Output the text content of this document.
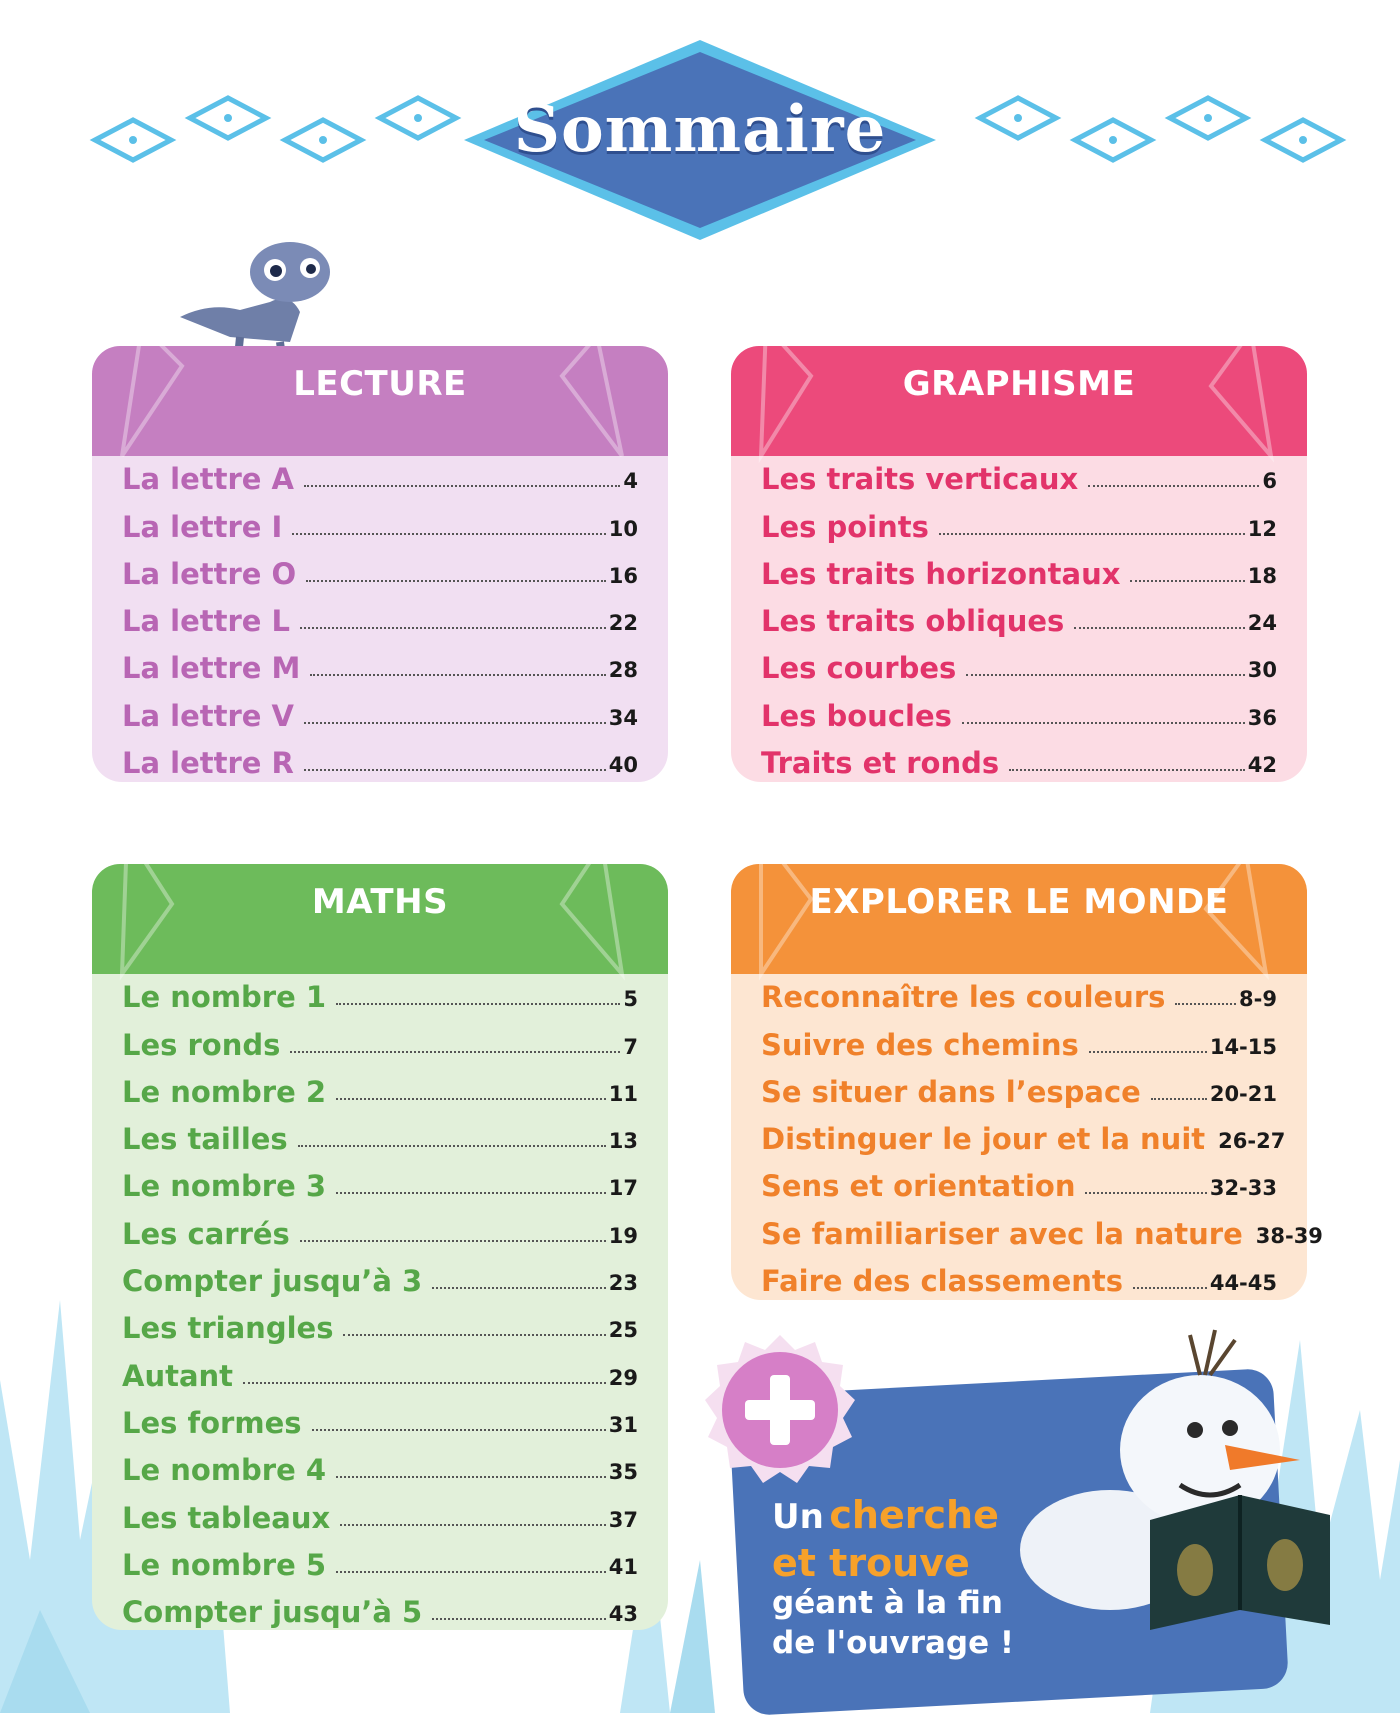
Sommaire
LECTURE
La lettre A	4
La lettre I	10
La lettre O	16
La lettre L	22
La lettre M	28
La lettre V	34
La lettre R	40
GRAPHISME
Les traits verticaux	6
Les points	12
Les traits horizontaux	18
Les traits obliques	24
Les courbes	30
Les boucles	36
Traits et ronds	42
MATHS
Le nombre 1	5
Les ronds	7
Le nombre 2	11
Les tailles	13
Le nombre 3	17
Les carrés	19
Compter jusqu’à 3	23
Les triangles	25
Autant	29
Les formes	31
Le nombre 4	35
Les tableaux	37
Le nombre 5	41
Compter jusqu’à 5	43
EXPLORER LE MONDE
Reconnaître les couleurs	8-9
Suivre des chemins	14-15
Se situer dans l’espace	20-21
Distinguer le jour et la nuit 26-27
Sens et orientation	32-33
Se familiariser avec la nature 38-39
Faire des classements	44-45
Un cherche
et trouve
géant à la fin
de l'ouvrage !
